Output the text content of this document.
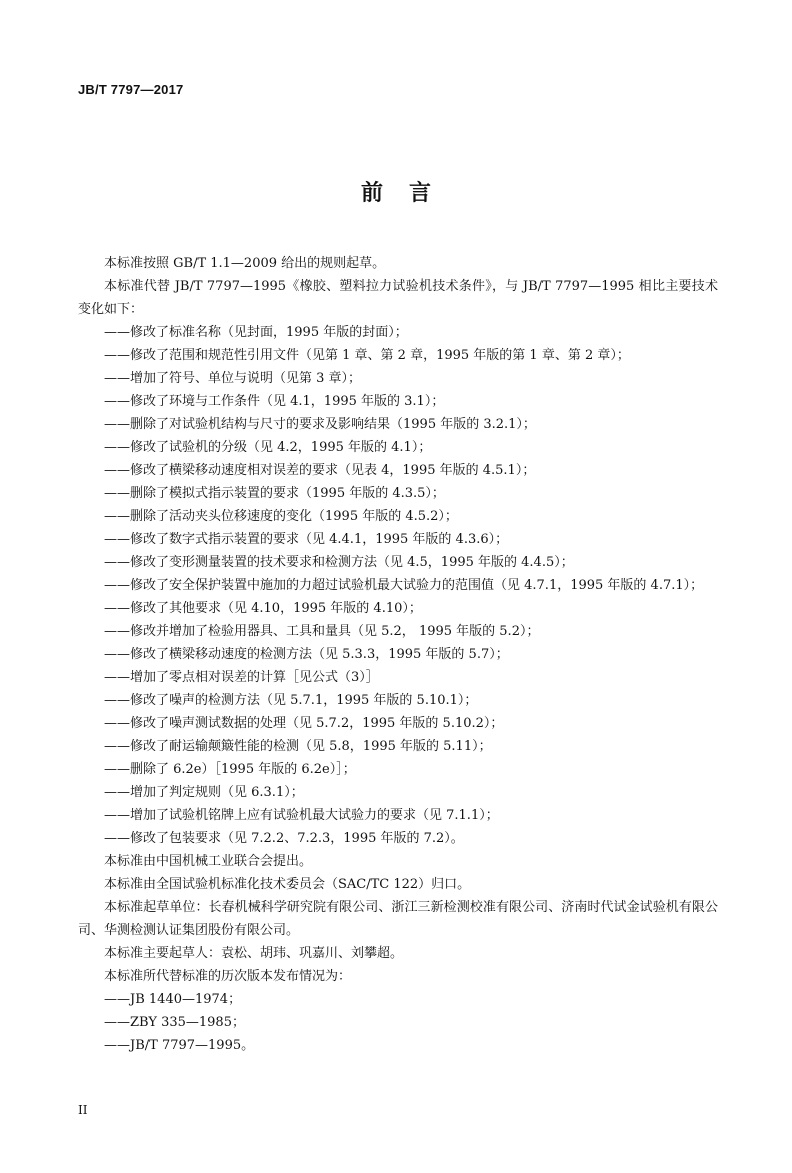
JB/T 7797—2017
前言

本标准按照 GB/T 1.1—2009 给出的规则起草。

本标准代替 JB/T 7797—1995《橡胶、塑料拉力试验机技术条件》，与 JB/T 7797—1995 相比主要技术变化如下：

——修改了标准名称（见封面，1995 年版的封面）；

——修改了范围和规范性引用文件（见第 1 章、第 2 章，1995 年版的第 1 章、第 2 章）；

——增加了符号、单位与说明（见第 3 章）；

——修改了环境与工作条件（见 4.1，1995 年版的 3.1）；

——删除了对试验机结构与尺寸的要求及影响结果（1995 年版的 3.2.1）；

——修改了试验机的分级（见 4.2，1995 年版的 4.1）；

——修改了横梁移动速度相对误差的要求（见表 4，1995 年版的 4.5.1）；

——删除了模拟式指示装置的要求（1995 年版的 4.3.5）；

——删除了活动夹头位移速度的变化（1995 年版的 4.5.2）；

——修改了数字式指示装置的要求（见 4.4.1，1995 年版的 4.3.6）；

——修改了变形测量装置的技术要求和检测方法（见 4.5，1995 年版的 4.4.5）；

——修改了安全保护装置中施加的力超过试验机最大试验力的范围值（见 4.7.1，1995 年版的 4.7.1）；

——修改了其他要求（见 4.10，1995 年版的 4.10）；

——修改并增加了检验用器具、工具和量具（见 5.2， 1995 年版的 5.2）；

——修改了横梁移动速度的检测方法（见 5.3.3，1995 年版的 5.7）；

——增加了零点相对误差的计算［见公式（3）］

——修改了噪声的检测方法（见 5.7.1，1995 年版的 5.10.1）；

——修改了噪声测试数据的处理（见 5.7.2，1995 年版的 5.10.2）；

——修改了耐运输颠簸性能的检测（见 5.8，1995 年版的 5.11）；

——删除了 6.2e）［1995 年版的 6.2e）］；

——增加了判定规则（见 6.3.1）；

——增加了试验机铭牌上应有试验机最大试验力的要求（见 7.1.1）；

——修改了包装要求（见 7.2.2、7.2.3，1995 年版的 7.2）。

本标准由中国机械工业联合会提出。

本标准由全国试验机标准化技术委员会（SAC/TC 122）归口。

本标准起草单位：长春机械科学研究院有限公司、浙江三新检测校准有限公司、济南时代试金试验机有限公司、华测检测认证集团股份有限公司。

本标准主要起草人：袁松、胡玮、巩嘉川、刘攀超。

本标准所代替标准的历次版本发布情况为：

——JB 1440—1974；

——ZBY 335—1985；

——JB/T 7797—1995。

II
